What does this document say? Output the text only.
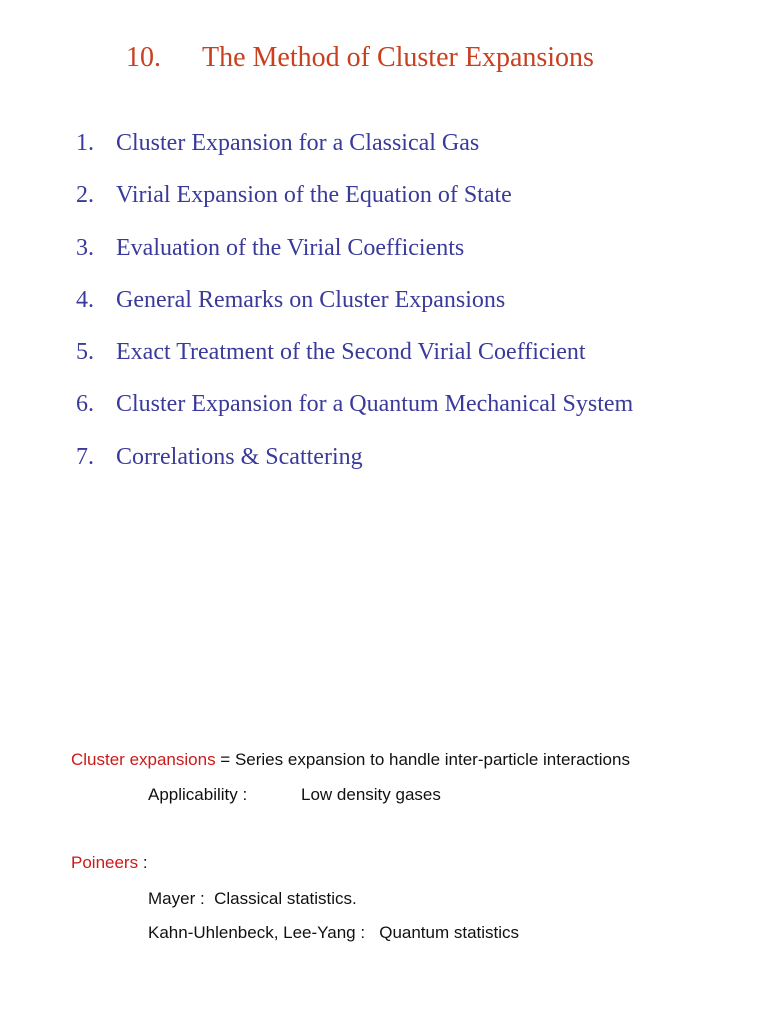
10. The Method of Cluster Expansions
1. Cluster Expansion for a Classical Gas
2. Virial Expansion of the Equation of State
3. Evaluation of the Virial Coefficients
4. General Remarks on Cluster Expansions
5. Exact Treatment of the Second Virial Coefficient
6. Cluster Expansion for a Quantum Mechanical System
7. Correlations & Scattering
Cluster expansions = Series expansion to handle inter-particle interactions
Applicability :	Low density gases
Poineers :
Mayer :  Classical statistics.
Kahn-Uhlenbeck, Lee-Yang :   Quantum statistics
